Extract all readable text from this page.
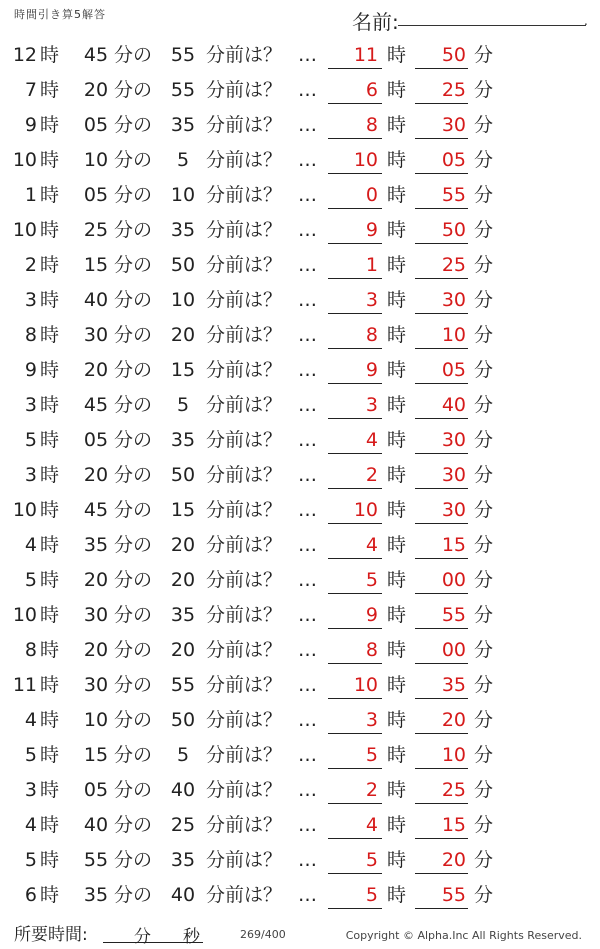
時間引き算5解答	名前:	.
12 時 45 分の 55 分前は？ … 11 時 50 分
7 時 20 分の 55 分前は？ …	6 時 25 分
9 時 05 分の 35 分前は？ …	8 時 30 分
10 時 10 分の	5 分前は？ … 10 時 05 分
1 時 05 分の 10 分前は？ …	0 時 55 分
10 時 25 分の 35 分前は？ …	9 時 50 分
2 時 15 分の 50 分前は？ …	1 時 25 分
3 時 40 分の 10 分前は？ …	3 時 30 分
8 時 30 分の 20 分前は？ …	8 時 10 分
9 時 20 分の 15 分前は？ …	9 時 05 分
3 時 45 分の	5 分前は？ …	3 時 40 分
5 時 05 分の 35 分前は？ …	4 時 30 分
3 時 20 分の 50 分前は？ …	2 時 30 分
10 時 45 分の 15 分前は？ … 10 時 30 分
4 時 35 分の 20 分前は？ …	4 時 15 分
5 時 20 分の 20 分前は？ …	5 時 00 分
10 時 30 分の 35 分前は？ …	9 時 55 分
8 時 20 分の 20 分前は？ …	8 時 00 分
11 時 30 分の 55 分前は？ … 10 時 35 分
4 時 10 分の 50 分前は？ …	3 時 20 分
5 時 15 分の	5 分前は？ …	5 時 10 分
3 時 05 分の 40 分前は？ …	2 時 25 分
4 時 40 分の 25 分前は？ …	4 時 15 分
5 時 55 分の 35 分前は？ …	5 時 20 分
6 時 35 分の 40 分前は？ …	5 時 55 分
所要時間:	分 秒	269/400	Copyright © Alpha.Inc All Rights Reserved.
